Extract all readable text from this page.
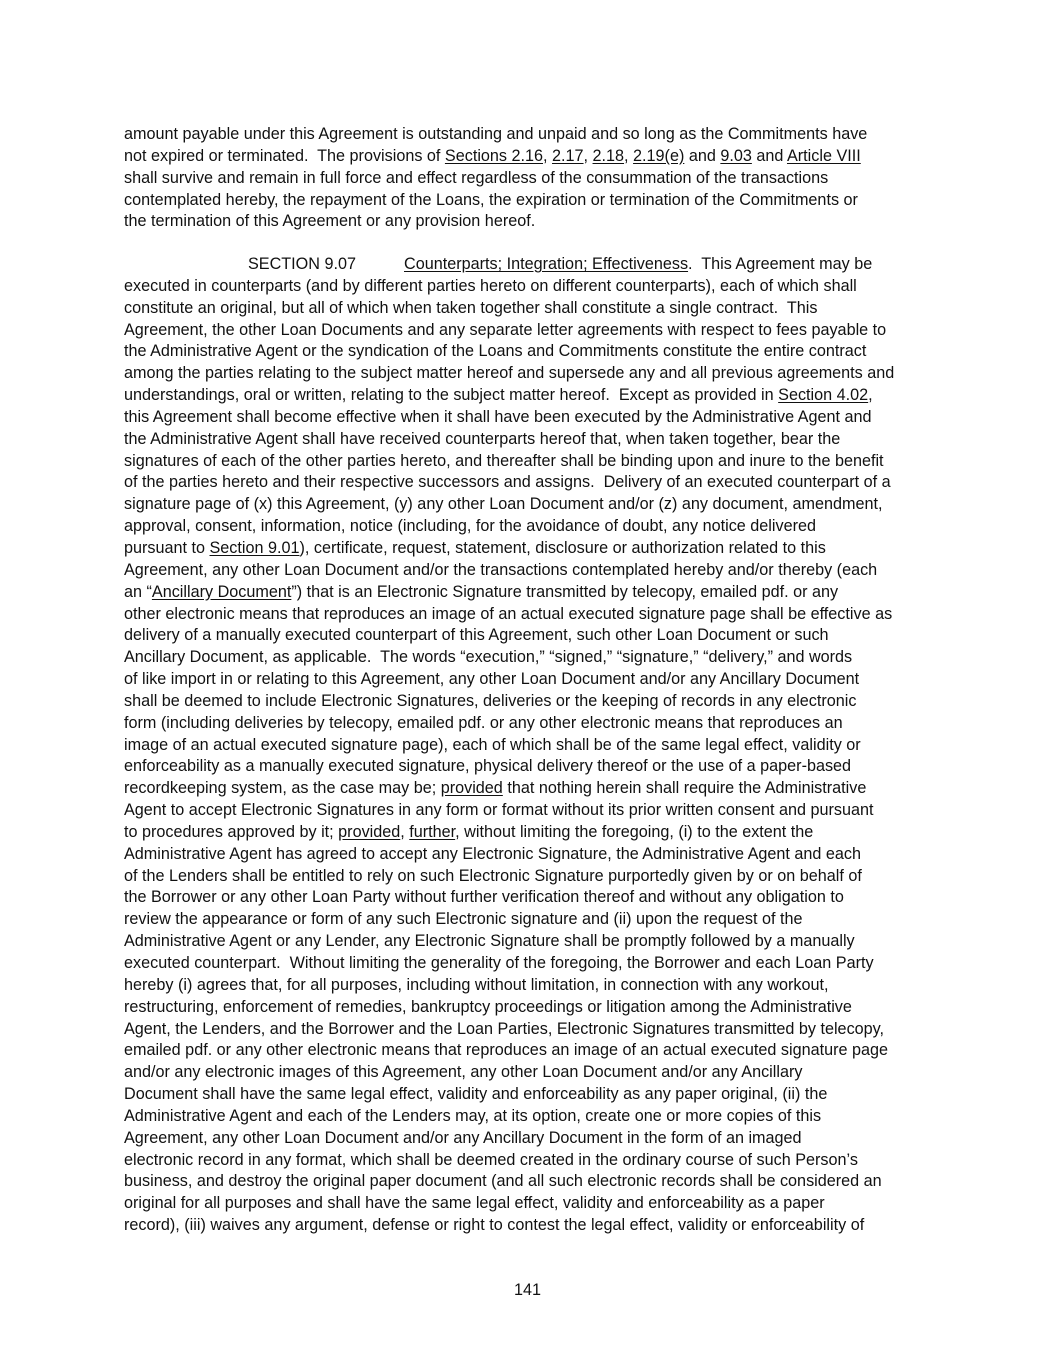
amount payable under this Agreement is outstanding and unpaid and so long as the Commitments have
not expired or terminated.  The provisions of Sections 2.16, 2.17, 2.18, 2.19(e) and 9.03 and Article VIII
shall survive and remain in full force and effect regardless of the consummation of the transactions
contemplated hereby, the repayment of the Loans, the expiration or termination of the Commitments or
the termination of this Agreement or any provision hereof.
SECTION 9.07	Counterparts; Integration; Effectiveness.  This Agreement may be
executed in counterparts (and by different parties hereto on different counterparts), each of which shall
constitute an original, but all of which when taken together shall constitute a single contract.  This
Agreement, the other Loan Documents and any separate letter agreements with respect to fees payable to
the Administrative Agent or the syndication of the Loans and Commitments constitute the entire contract
among the parties relating to the subject matter hereof and supersede any and all previous agreements and
understandings, oral or written, relating to the subject matter hereof.  Except as provided in Section 4.02,
this Agreement shall become effective when it shall have been executed by the Administrative Agent and
the Administrative Agent shall have received counterparts hereof that, when taken together, bear the
signatures of each of the other parties hereto, and thereafter shall be binding upon and inure to the benefit
of the parties hereto and their respective successors and assigns.  Delivery of an executed counterpart of a
signature page of (x) this Agreement, (y) any other Loan Document and/or (z) any document, amendment,
approval, consent, information, notice (including, for the avoidance of doubt, any notice delivered
pursuant to Section 9.01), certificate, request, statement, disclosure or authorization related to this
Agreement, any other Loan Document and/or the transactions contemplated hereby and/or thereby (each
an “Ancillary Document”) that is an Electronic Signature transmitted by telecopy, emailed pdf. or any
other electronic means that reproduces an image of an actual executed signature page shall be effective as
delivery of a manually executed counterpart of this Agreement, such other Loan Document or such
Ancillary Document, as applicable.  The words “execution,” “signed,” “signature,” “delivery,” and words
of like import in or relating to this Agreement, any other Loan Document and/or any Ancillary Document
shall be deemed to include Electronic Signatures, deliveries or the keeping of records in any electronic
form (including deliveries by telecopy, emailed pdf. or any other electronic means that reproduces an
image of an actual executed signature page), each of which shall be of the same legal effect, validity or
enforceability as a manually executed signature, physical delivery thereof or the use of a paper-based
recordkeeping system, as the case may be; provided that nothing herein shall require the Administrative
Agent to accept Electronic Signatures in any form or format without its prior written consent and pursuant
to procedures approved by it; provided, further, without limiting the foregoing, (i) to the extent the
Administrative Agent has agreed to accept any Electronic Signature, the Administrative Agent and each
of the Lenders shall be entitled to rely on such Electronic Signature purportedly given by or on behalf of
the Borrower or any other Loan Party without further verification thereof and without any obligation to
review the appearance or form of any such Electronic signature and (ii) upon the request of the
Administrative Agent or any Lender, any Electronic Signature shall be promptly followed by a manually
executed counterpart.  Without limiting the generality of the foregoing, the Borrower and each Loan Party
hereby (i) agrees that, for all purposes, including without limitation, in connection with any workout,
restructuring, enforcement of remedies, bankruptcy proceedings or litigation among the Administrative
Agent, the Lenders, and the Borrower and the Loan Parties, Electronic Signatures transmitted by telecopy,
emailed pdf. or any other electronic means that reproduces an image of an actual executed signature page
and/or any electronic images of this Agreement, any other Loan Document and/or any Ancillary
Document shall have the same legal effect, validity and enforceability as any paper original, (ii) the
Administrative Agent and each of the Lenders may, at its option, create one or more copies of this
Agreement, any other Loan Document and/or any Ancillary Document in the form of an imaged
electronic record in any format, which shall be deemed created in the ordinary course of such Person’s
business, and destroy the original paper document (and all such electronic records shall be considered an
original for all purposes and shall have the same legal effect, validity and enforceability as a paper
record), (iii) waives any argument, defense or right to contest the legal effect, validity or enforceability of
141
